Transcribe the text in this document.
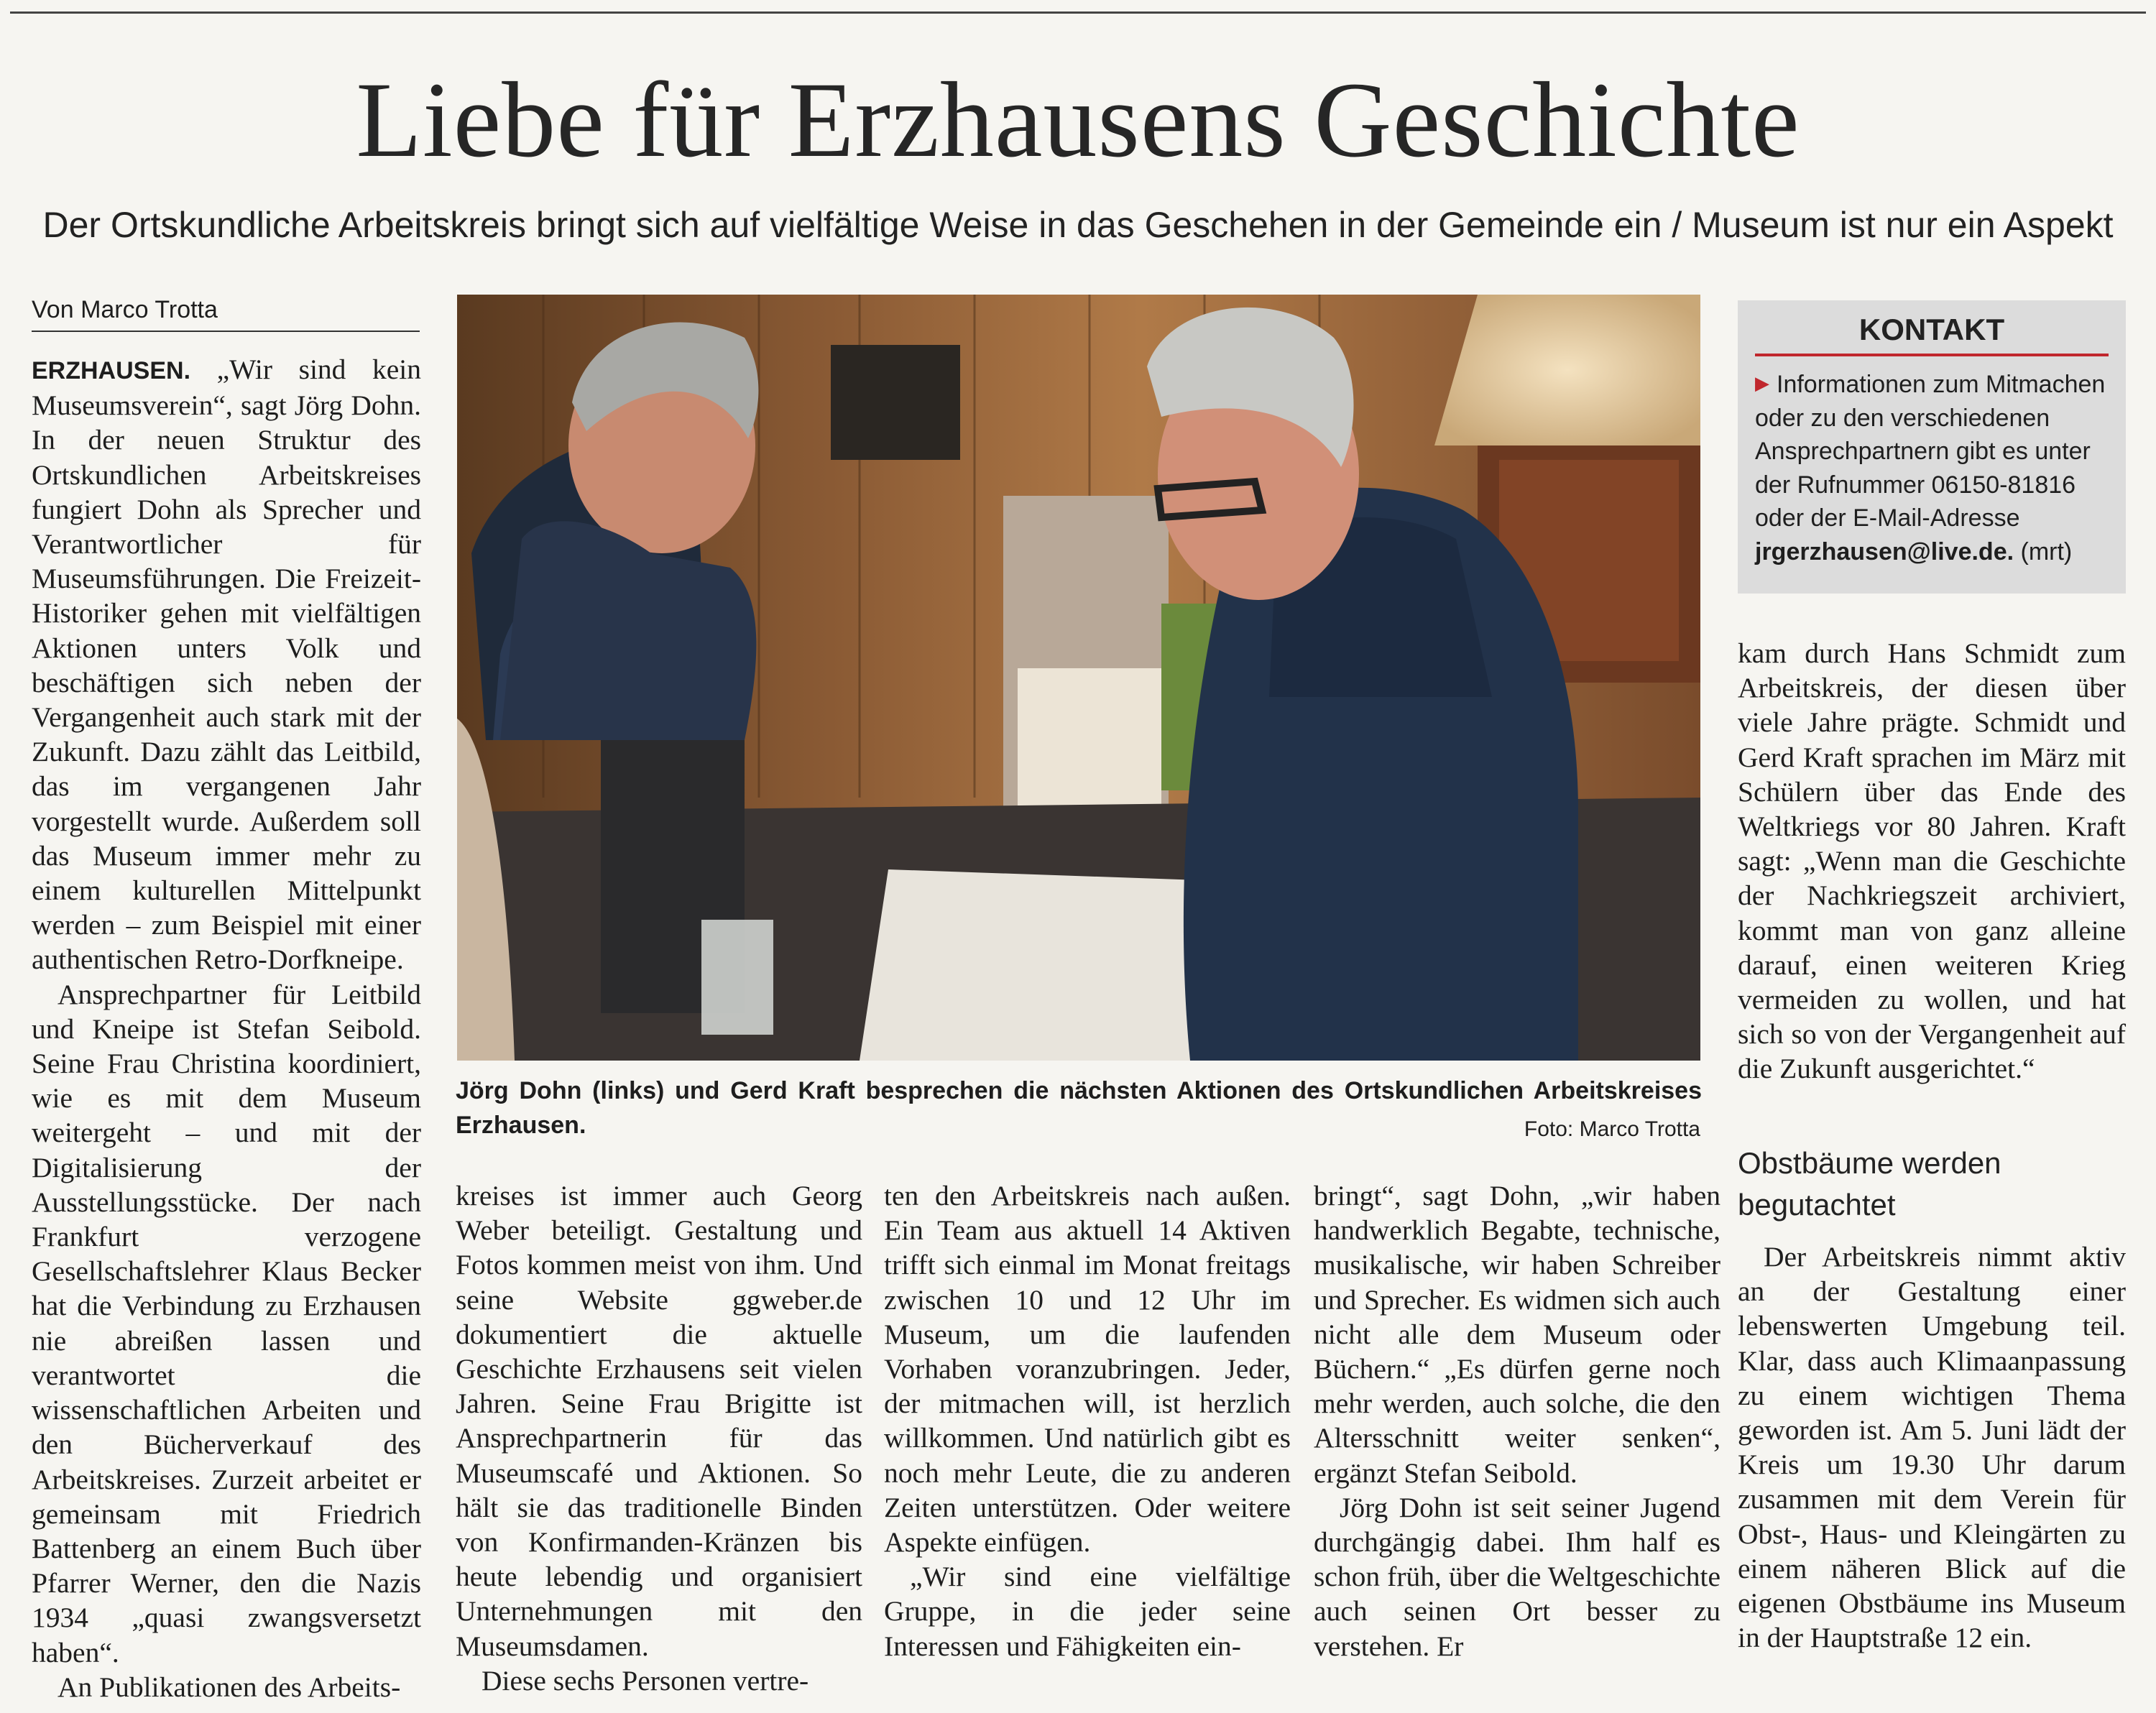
Liebe für Erzhausens Geschichte
Der Ortskundliche Arbeitskreis bringt sich auf vielfältige Weise in das Geschehen in der Gemeinde ein / Museum ist nur ein Aspekt
Von Marco Trotta

ERZHAUSEN. „Wir sind kein Museumsverein“, sagt Jörg Dohn. In der neuen Struktur des Ortskundlichen Arbeitskreises fungiert Dohn als Sprecher und Verantwortlicher für Museumsführungen. Die Freizeit-Historiker gehen mit vielfältigen Aktionen unters Volk und beschäftigen sich neben der Vergangenheit auch stark mit der Zukunft. Dazu zählt das Leitbild, das im vergangenen Jahr vorgestellt wurde. Außerdem soll das Museum immer mehr zu einem kulturellen Mittelpunkt werden – zum Beispiel mit einer authentischen Retro-Dorfkneipe.

Ansprechpartner für Leitbild und Kneipe ist Stefan Seibold. Seine Frau Christina koordiniert, wie es mit dem Museum weitergeht – und mit der Digitalisierung der Ausstellungsstücke. Der nach Frankfurt verzogene Gesellschaftslehrer Klaus Becker hat die Verbindung zu Erzhausen nie abreißen lassen und verantwortet die wissenschaftlichen Arbeiten und den Bücherverkauf des Arbeitskreises. Zurzeit arbeitet er gemeinsam mit Friedrich Battenberg an einem Buch über Pfarrer Werner, den die Nazis 1934 „quasi zwangsversetzt haben“.

An Publikationen des Arbeits-

Jörg Dohn (links) und Gerd Kraft besprechen die nächsten Aktionen des Ortskundlichen Arbeitskreises Erzhausen.	Foto: Marco Trotta

kreises ist immer auch Georg Weber beteiligt. Gestaltung und Fotos kommen meist von ihm. Und seine Website ggweber.de dokumentiert die aktuelle Geschichte Erzhausens seit vielen Jahren. Seine Frau Brigitte ist Ansprechpartnerin für das Museumscafé und Aktionen. So hält sie das traditionelle Binden von Konfirmanden-Kränzen bis heute lebendig und organisiert Unternehmungen mit den Museumsdamen.

Diese sechs Personen vertre-

ten den Arbeitskreis nach außen. Ein Team aus aktuell 14 Aktiven trifft sich einmal im Monat freitags zwischen 10 und 12 Uhr im Museum, um die laufenden Vorhaben voranzubringen. Jeder, der mitmachen will, ist herzlich willkommen. Und natürlich gibt es noch mehr Leute, die zu anderen Zeiten unterstützen. Oder weitere Aspekte einfügen.

„Wir sind eine vielfältige Gruppe, in die jeder seine Interessen und Fähigkeiten ein-

bringt“, sagt Dohn, „wir haben handwerklich Begabte, technische, musikalische, wir haben Schreiber und Sprecher. Es widmen sich auch nicht alle dem Museum oder Büchern.“ „Es dürfen gerne noch mehr werden, auch solche, die den Altersschnitt weiter senken“, ergänzt Stefan Seibold.

Jörg Dohn ist seit seiner Jugend durchgängig dabei. Ihm half es schon früh, über die Weltgeschichte auch seinen Ort besser zu verstehen. Er

KONTAKT
▶ Informationen zum Mitmachen oder zu den verschiedenen Ansprechpartnern gibt es unter der Rufnummer 06150-81816 oder der E-Mail-Adresse jrgerzhausen@live.de. (mrt)

kam durch Hans Schmidt zum Arbeitskreis, der diesen über viele Jahre prägte. Schmidt und Gerd Kraft sprachen im März mit Schülern über das Ende des Weltkriegs vor 80 Jahren. Kraft sagt: „Wenn man die Geschichte der Nachkriegszeit archiviert, kommt man von ganz alleine darauf, einen weiteren Krieg vermeiden zu wollen, und hat sich so von der Vergangenheit auf die Zukunft ausgerichtet.“

Obstbäume werden begutachtet

Der Arbeitskreis nimmt aktiv an der Gestaltung einer lebenswerten Umgebung teil. Klar, dass auch Klimaanpassung zu einem wichtigen Thema geworden ist. Am 5. Juni lädt der Kreis um 19.30 Uhr darum zusammen mit dem Verein für Obst-, Haus- und Kleingärten zu einem näheren Blick auf die eigenen Obstbäume ins Museum in der Hauptstraße 12 ein.
